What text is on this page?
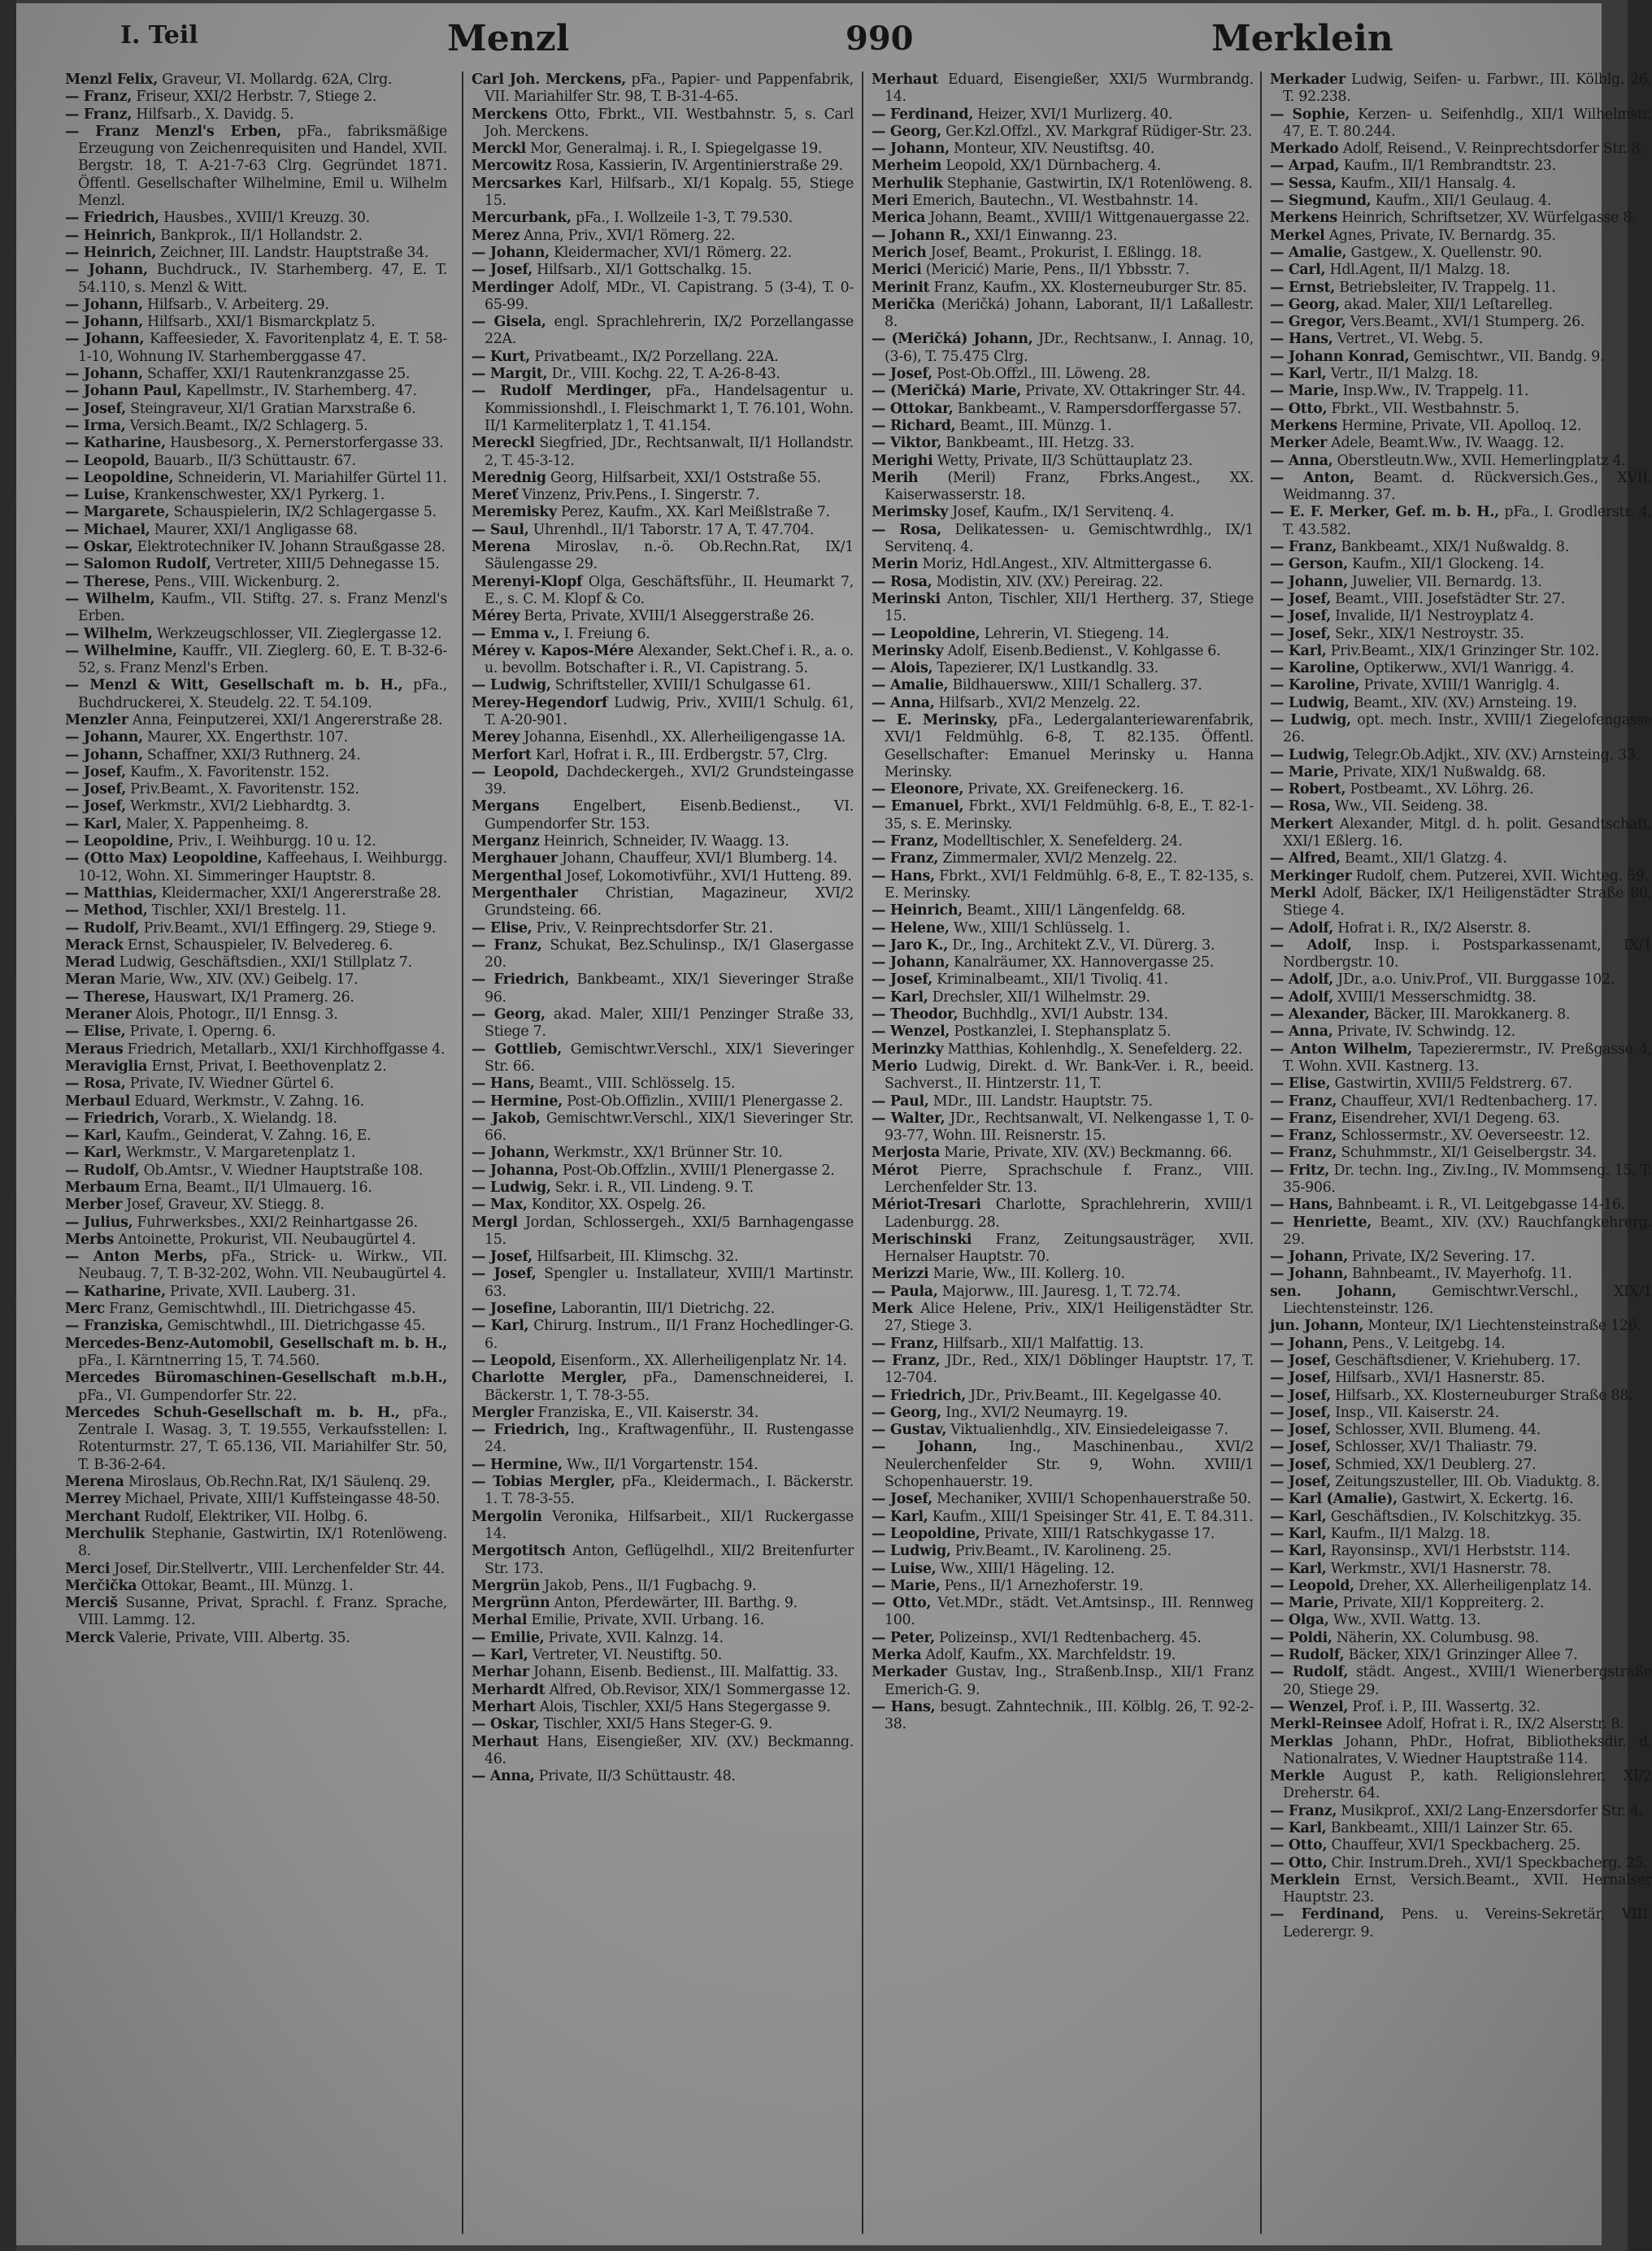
I. Teil	Menzl	990	Merklein

Menzl Felix, Graveur, VI. Mollardg. 62A, Clrg.

— Franz, Friseur, XXI/2 Herbstr. 7, Stiege 2.

— Franz, Hilfsarb., X. Davidg. 5.

— Franz Menzl's Erben, pFa., fabriksmäßige Erzeugung von Zeichenrequisiten und Handel, XVII. Bergstr. 18, T. A-21-7-63 Clrg. Gegründet 1871. Öffentl. Gesellschafter Wilhelmine, Emil u. Wilhelm Menzl.

— Friedrich, Hausbes., XVIII/1 Kreuzg. 30.

— Heinrich, Bankprok., II/1 Hollandstr. 2.

— Heinrich, Zeichner, III. Landstr. Hauptstraße 34.

— Johann, Buchdruck., IV. Starhemberg. 47, E. T. 54.110, s. Menzl & Witt.

— Johann, Hilfsarb., V. Arbeiterg. 29.

— Johann, Hilfsarb., XXI/1 Bismarckplatz 5.

— Johann, Kaffeesieder, X. Favoritenplatz 4, E. T. 58-1-10, Wohnung IV. Starhemberggasse 47.

— Johann, Schaffer, XXI/1 Rautenkranzgasse 25.

— Johann Paul, Kapellmstr., IV. Starhemberg. 47.

— Josef, Steingraveur, XI/1 Gratian Marxstraße 6.

— Irma, Versich.Beamt., IX/2 Schlagerg. 5.

— Katharine, Hausbesorg., X. Pernerstorfergasse 33.

— Leopold, Bauarb., II/3 Schüttaustr. 67.

— Leopoldine, Schneiderin, VI. Mariahilfer Gürtel 11.

— Luise, Krankenschwester, XX/1 Pyrkerg. 1.

— Margarete, Schauspielerin, IX/2 Schlagergasse 5.

— Michael, Maurer, XXI/1 Angligasse 68.

— Oskar, Elektrotechniker IV. Johann Straußgasse 28.

— Salomon Rudolf, Vertreter, XIII/5 Dehnegasse 15.

— Therese, Pens., VIII. Wickenburg. 2.

— Wilhelm, Kaufm., VII. Stiftg. 27. s. Franz Menzl's Erben.

— Wilhelm, Werkzeugschlosser, VII. Zieglergasse 12.

— Wilhelmine, Kauffr., VII. Zieglerg. 60, E. T. B-32-6-52, s. Franz Menzl's Erben.

— Menzl & Witt, Gesellschaft m. b. H., pFa., Buchdruckerei, X. Steudelg. 22. T. 54.109.

Menzler Anna, Feinputzerei, XXI/1 Angererstraße 28.

— Johann, Maurer, XX. Engerthstr. 107.

— Johann, Schaffner, XXI/3 Ruthnerg. 24.

— Josef, Kaufm., X. Favoritenstr. 152.

— Josef, Priv.Beamt., X. Favoritenstr. 152.

— Josef, Werkmstr., XVI/2 Liebhardtg. 3.

— Karl, Maler, X. Pappenheimg. 8.

— Leopoldine, Priv., I. Weihburgg. 10 u. 12.

— (Otto Max) Leopoldine, Kaffeehaus, I. Weihburgg. 10-12, Wohn. XI. Simmeringer Hauptstr. 8.

— Matthias, Kleidermacher, XXI/1 Angererstraße 28.

— Method, Tischler, XXI/1 Brestelg. 11.

— Rudolf, Priv.Beamt., XVI/1 Effingerg. 29, Stiege 9.

Merack Ernst, Schauspieler, IV. Belvedereg. 6.

Merad Ludwig, Geschäftsdien., XXI/1 Stillplatz 7.

Meran Marie, Ww., XIV. (XV.) Geibelg. 17.

— Therese, Hauswart, IX/1 Pramerg. 26.

Meraner Alois, Photogr., II/1 Ennsg. 3.

— Elise, Private, I. Operng. 6.

Meraus Friedrich, Metallarb., XXI/1 Kirchhoffgasse 4.

Meraviglia Ernst, Privat, I. Beethovenplatz 2.

— Rosa, Private, IV. Wiedner Gürtel 6.

Merbaul Eduard, Werkmstr., V. Zahng. 16.

— Friedrich, Vorarb., X. Wielandg. 18.

— Karl, Kaufm., Geinderat, V. Zahng. 16, E.

— Karl, Werkmstr., V. Margaretenplatz 1.

— Rudolf, Ob.Amtsr., V. Wiedner Hauptstraße 108.

Merbaum Erna, Beamt., II/1 Ulmauerg. 16.

Merber Josef, Graveur, XV. Stiegg. 8.

— Julius, Fuhrwerksbes., XXI/2 Reinhartgasse 26.

Merbs Antoinette, Prokurist, VII. Neubaugürtel 4.

— Anton Merbs, pFa., Strick- u. Wirkw., VII. Neubaug. 7, T. B-32-202, Wohn. VII. Neubaugürtel 4.

— Katharine, Private, XVII. Lauberg. 31.

Merc Franz, Gemischtwhdl., III. Dietrichgasse 45.

— Franziska, Gemischtwhdl., III. Dietrichgasse 45.

Mercedes-Benz-Automobil, Gesellschaft m. b. H., pFa., I. Kärntnerring 15, T. 74.560.

Mercedes Büromaschinen-Gesellschaft m.b.H., pFa., VI. Gumpendorfer Str. 22.

Mercedes Schuh-Gesellschaft m. b. H., pFa., Zentrale I. Wasag. 3, T. 19.555, Verkaufsstellen: I. Rotenturmstr. 27, T. 65.136, VII. Mariahilfer Str. 50, T. B-36-2-64.

Merena Miroslaus, Ob.Rechn.Rat, IX/1 Säulenq. 29.

Merrey Michael, Private, XIII/1 Kuffsteingasse 48-50.

Merchant Rudolf, Elektriker, VII. Holbg. 6.

Merchulik Stephanie, Gastwirtin, IX/1 Rotenlöweng. 8.

Merci Josef, Dir.Stellvertr., VIII. Lerchenfelder Str. 44.

Merčička Ottokar, Beamt., III. Münzg. 1.

Merciš Susanne, Privat, Sprachl. f. Franz. Sprache, VIII. Lammg. 12.

Merck Valerie, Private, VIII. Albertg. 35.

Carl Joh. Merckens, pFa., Papier- und Pappenfabrik, VII. Mariahilfer Str. 98, T. B-31-4-65.

Merckens Otto, Fbrkt., VII. Westbahnstr. 5, s. Carl Joh. Merckens.

Merckl Mor, Generalmaj. i. R., I. Spiegelgasse 19.

Mercowitz Rosa, Kassierin, IV. Argentinierstraße 29.

Mercsarkes Karl, Hilfsarb., XI/1 Kopalg. 55, Stiege 15.

Mercurbank, pFa., I. Wollzeile 1-3, T. 79.530.

Merez Anna, Priv., XVI/1 Römerg. 22.

— Johann, Kleidermacher, XVI/1 Römerg. 22.

— Josef, Hilfsarb., XI/1 Gottschalkg. 15.

Merdinger Adolf, MDr., VI. Capistrang. 5 (3-4), T. 0-65-99.

— Gisela, engl. Sprachlehrerin, IX/2 Porzellangasse 22A.

— Kurt, Privatbeamt., IX/2 Porzellang. 22A.

— Margit, Dr., VIII. Kochg. 22, T. A-26-8-43.

— Rudolf Merdinger, pFa., Handelsagentur u. Kommissionshdl., I. Fleischmarkt 1, T. 76.101, Wohn. II/1 Karmeliterplatz 1, T. 41.154.

Mereckl Siegfried, JDr., Rechtsanwalt, II/1 Hollandstr. 2, T. 45-3-12.

Merednig Georg, Hilfsarbeit, XXI/1 Oststraße 55.

Mereť Vinzenz, Priv.Pens., I. Singerstr. 7.

Meremisky Perez, Kaufm., XX. Karl Meißlstraße 7.

— Saul, Uhrenhdl., II/1 Taborstr. 17 A, T. 47.704.

Merena Miroslav, n.-ö. Ob.Rechn.Rat, IX/1 Säulengasse 29.

Merenyi-Klopf Olga, Geschäftsführ., II. Heumarkt 7, E., s. C. M. Klopf & Co.

Mérey Berta, Private, XVIII/1 Alseggerstraße 26.

— Emma v., I. Freiung 6.

Mérey v. Kapos-Mére Alexander, Sekt.Chef i. R., a. o. u. bevollm. Botschafter i. R., VI. Capistrang. 5.

— Ludwig, Schriftsteller, XVIII/1 Schulgasse 61.

Merey-Hegendorf Ludwig, Priv., XVIII/1 Schulg. 61, T. A-20-901.

Merey Johanna, Eisenhdl., XX. Allerheiligengasse 1A.

Merfort Karl, Hofrat i. R., III. Erdbergstr. 57, Clrg.

— Leopold, Dachdeckergeh., XVI/2 Grundsteingasse 39.

Mergans Engelbert, Eisenb.Bedienst., VI. Gumpendorfer Str. 153.

Merganz Heinrich, Schneider, IV. Waagg. 13.

Merghauer Johann, Chauffeur, XVI/1 Blumberg. 14.

Mergenthal Josef, Lokomotivführ., XVI/1 Hutteng. 89.

Mergenthaler Christian, Magazineur, XVI/2 Grundsteing. 66.

— Elise, Priv., V. Reinprechtsdorfer Str. 21.

— Franz, Schukat, Bez.Schulinsp., IX/1 Glasergasse 20.

— Friedrich, Bankbeamt., XIX/1 Sieveringer Straße 96.

— Georg, akad. Maler, XIII/1 Penzinger Straße 33, Stiege 7.

— Gottlieb, Gemischtwr.Verschl., XIX/1 Sieveringer Str. 66.

— Hans, Beamt., VIII. Schlösselg. 15.

— Hermine, Post-Ob.Offizlin., XVIII/1 Plenergasse 2.

— Jakob, Gemischtwr.Verschl., XIX/1 Sieveringer Str. 66.

— Johann, Werkmstr., XX/1 Brünner Str. 10.

— Johanna, Post-Ob.Offzlin., XVIII/1 Plenergasse 2.

— Ludwig, Sekr. i. R., VII. Lindeng. 9. T.

— Max, Konditor, XX. Ospelg. 26.

Mergl Jordan, Schlossergeh., XXI/5 Barnhagengasse 15.

— Josef, Hilfsarbeit, III. Klimschg. 32.

— Josef, Spengler u. Installateur, XVIII/1 Martinstr. 63.

— Josefine, Laborantin, III/1 Dietrichg. 22.

— Karl, Chirurg. Instrum., II/1 Franz Hochedlinger-G. 6.

— Leopold, Eisenform., XX. Allerheiligenplatz Nr. 14.

Charlotte Mergler, pFa., Damenschneiderei, I. Bäckerstr. 1, T. 78-3-55.

Mergler Franziska, E., VII. Kaiserstr. 34.

— Friedrich, Ing., Kraftwagenführ., II. Rustengasse 24.

— Hermine, Ww., II/1 Vorgartenstr. 154.

— Tobias Mergler, pFa., Kleidermach., I. Bäckerstr. 1. T. 78-3-55.

Mergolin Veronika, Hilfsarbeit., XII/1 Ruckergasse 14.

Mergotitsch Anton, Geflügelhdl., XII/2 Breitenfurter Str. 173.

Mergrün Jakob, Pens., II/1 Fugbachg. 9.

Mergrünn Anton, Pferdewärter, III. Barthg. 9.

Merhal Emilie, Private, XVII. Urbang. 16.

— Emilie, Private, XVII. Kalnzg. 14.

— Karl, Vertreter, VI. Neustiftg. 50.

Merhar Johann, Eisenb. Bedienst., III. Malfattig. 33.

Merhardt Alfred, Ob.Revisor, XIX/1 Sommergasse 12.

Merhart Alois, Tischler, XXI/5 Hans Stegergasse 9.

— Oskar, Tischler, XXI/5 Hans Steger-G. 9.

Merhaut Hans, Eisengießer, XIV. (XV.) Beckmanng. 46.

— Anna, Private, II/3 Schüttaustr. 48.

Merhaut Eduard, Eisengießer, XXI/5 Wurmbrandg. 14.

— Ferdinand, Heizer, XVI/1 Murlizerg. 40.

— Georg, Ger.Kzl.Offzl., XV. Markgraf Rüdiger-Str. 23.

— Johann, Monteur, XIV. Neustiftsg. 40.

Merheim Leopold, XX/1 Dürnbacherg. 4.

Merhulik Stephanie, Gastwirtin, IX/1 Rotenlöweng. 8.

Meri Emerich, Bautechn., VI. Westbahnstr. 14.

Merica Johann, Beamt., XVIII/1 Wittgenauergasse 22.

— Johann R., XXI/1 Einwanng. 23.

Merich Josef, Beamt., Prokurist, I. Eßlingg. 18.

Merici (Mericić) Marie, Pens., II/1 Ybbsstr. 7.

Merinit Franz, Kaufm., XX. Klosterneuburger Str. 85.

Merička (Meričká) Johann, Laborant, II/1 Laßallestr. 8.

— (Meričká) Johann, JDr., Rechtsanw., I. Annag. 10, (3-6), T. 75.475 Clrg.

— Josef, Post-Ob.Offzl., III. Löweng. 28.

— (Meričká) Marie, Private, XV. Ottakringer Str. 44.

— Ottokar, Bankbeamt., V. Rampersdorffergasse 57.

— Richard, Beamt., III. Münzg. 1.

— Viktor, Bankbeamt., III. Hetzg. 33.

Merighi Wetty, Private, II/3 Schüttauplatz 23.

Merih (Meril) Franz, Fbrks.Angest., XX. Kaiserwasserstr. 18.

Merimsky Josef, Kaufm., IX/1 Servitenq. 4.

— Rosa, Delikatessen- u. Gemischtwrdhlg., IX/1 Servitenq. 4.

Merin Moriz, Hdl.Angest., XIV. Altmittergasse 6.

— Rosa, Modistin, XIV. (XV.) Pereirag. 22.

Merinski Anton, Tischler, XII/1 Hertherg. 37, Stiege 15.

— Leopoldine, Lehrerin, VI. Stiegeng. 14.

Merinsky Adolf, Eisenb.Bedienst., V. Kohlgasse 6.

— Alois, Tapezierer, IX/1 Lustkandlg. 33.

— Amalie, Bildhauersww., XIII/1 Schallerg. 37.

— Anna, Hilfsarb., XVI/2 Menzelg. 22.

— E. Merinsky, pFa., Ledergalanteriewarenfabrik, XVI/1 Feldmühlg. 6-8, T. 82.135. Öffentl. Gesellschafter: Emanuel Merinsky u. Hanna Merinsky.

— Eleonore, Private, XX. Greifeneckerg. 16.

— Emanuel, Fbrkt., XVI/1 Feldmühlg. 6-8, E., T. 82-1-35, s. E. Merinsky.

— Franz, Modelltischler, X. Senefelderg. 24.

— Franz, Zimmermaler, XVI/2 Menzelg. 22.

— Hans, Fbrkt., XVI/1 Feldmühlg. 6-8, E., T. 82-135, s. E. Merinsky.

— Heinrich, Beamt., XIII/1 Längenfeldg. 68.

— Helene, Ww., XIII/1 Schlüsselg. 1.

— Jaro K., Dr., Ing., Architekt Z.V., VI. Dürerg. 3.

— Johann, Kanalräumer, XX. Hannovergasse 25.

— Josef, Kriminalbeamt., XII/1 Tivoliq. 41.

— Karl, Drechsler, XII/1 Wilhelmstr. 29.

— Theodor, Buchhdlg., XVI/1 Aubstr. 134.

— Wenzel, Postkanzlei, I. Stephansplatz 5.

Merinzky Matthias, Kohlenhdlg., X. Senefelderg. 22.

Merio Ludwig, Direkt. d. Wr. Bank-Ver. i. R., beeid. Sachverst., II. Hintzerstr. 11, T.

— Paul, MDr., III. Landstr. Hauptstr. 75.

— Walter, JDr., Rechtsanwalt, VI. Nelkengasse 1, T. 0-93-77, Wohn. III. Reisnerstr. 15.

Merjosta Marie, Private, XIV. (XV.) Beckmanng. 66.

Mérot Pierre, Sprachschule f. Franz., VIII. Lerchenfelder Str. 13.

Mériot-Tresari Charlotte, Sprachlehrerin, XVIII/1 Ladenburgg. 28.

Merischinski Franz, Zeitungsausträger, XVII. Hernalser Hauptstr. 70.

Merizzi Marie, Ww., III. Kollerg. 10.

— Paula, Majorww., III. Jauresg. 1, T. 72.74.

Merk Alice Helene, Priv., XIX/1 Heiligenstädter Str. 27, Stiege 3.

— Franz, Hilfsarb., XII/1 Malfattig. 13.

— Franz, JDr., Red., XIX/1 Döblinger Hauptstr. 17, T. 12-704.

— Friedrich, JDr., Priv.Beamt., III. Kegelgasse 40.

— Georg, Ing., XVI/2 Neumayrg. 19.

— Gustav, Viktualienhdlg., XIV. Einsiedeleigasse 7.

— Johann, Ing., Maschinenbau., XVI/2 Neulerchenfelder Str. 9, Wohn. XVIII/1 Schopenhauerstr. 19.

— Josef, Mechaniker, XVIII/1 Schopenhauerstraße 50.

— Karl, Kaufm., XIII/1 Speisinger Str. 41, E. T. 84.311.

— Leopoldine, Private, XIII/1 Ratschkygasse 17.

— Ludwig, Priv.Beamt., IV. Karolineng. 25.

— Luise, Ww., XIII/1 Hägeling. 12.

— Marie, Pens., II/1 Arnezhoferstr. 19.

— Otto, Vet.MDr., städt. Vet.Amtsinsp., III. Rennweg 100.

— Peter, Polizeinsp., XVI/1 Redtenbacherg. 45.

Merka Adolf, Kaufm., XX. Marchfeldstr. 19.

Merkader Gustav, Ing., Straßenb.Insp., XII/1 Franz Emerich-G. 9.

— Hans, besugt. Zahntechnik., III. Kölblg. 26, T. 92-2-38.

Merkader Ludwig, Seifen- u. Farbwr., III. Kölblg. 26, T. 92.238.

— Sophie, Kerzen- u. Seifenhdlg., XII/1 Wilhelmstr. 47, E. T. 80.244.

Merkado Adolf, Reisend., V. Reinprechtsdorfer Str. 8.

— Arpad, Kaufm., II/1 Rembrandtstr. 23.

— Sessa, Kaufm., XII/1 Hansalg. 4.

— Siegmund, Kaufm., XII/1 Geulaug. 4.

Merkens Heinrich, Schriftsetzer, XV. Würfelgasse 8.

Merkel Agnes, Private, IV. Bernardg. 35.

— Amalie, Gastgew., X. Quellenstr. 90.

— Carl, Hdl.Agent, II/1 Malzg. 18.

— Ernst, Betriebsleiter, IV. Trappelg. 11.

— Georg, akad. Maler, XII/1 Leſtarelleg.

— Gregor, Vers.Beamt., XVI/1 Stumperg. 26.

— Hans, Vertret., VI. Webg. 5.

— Johann Konrad, Gemischtwr., VII. Bandg. 9.

— Karl, Vertr., II/1 Malzg. 18.

— Marie, Insp.Ww., IV. Trappelg. 11.

— Otto, Fbrkt., VII. Westbahnstr. 5.

Merkens Hermine, Private, VII. Apolloq. 12.

Merker Adele, Beamt.Ww., IV. Waagg. 12.

— Anna, Oberstleutn.Ww., XVII. Hemerlingplatz 4.

— Anton, Beamt. d. Rückversich.Ges., XVII. Weidmanng. 37.

— E. F. Merker, Gef. m. b. H., pFa., I. Grodlerstr. 4, T. 43.582.

— Franz, Bankbeamt., XIX/1 Nußwaldg. 8.

— Gerson, Kaufm., XII/1 Glockeng. 14.

— Johann, Juwelier, VII. Bernardg. 13.

— Josef, Beamt., VIII. Josefstädter Str. 27.

— Josef, Invalide, II/1 Nestroyplatz 4.

— Josef, Sekr., XIX/1 Nestroystr. 35.

— Karl, Priv.Beamt., XIX/1 Grinzinger Str. 102.

— Karoline, Optikerww., XVI/1 Wanrigg. 4.

— Karoline, Private, XVIII/1 Wanriglg. 4.

— Ludwig, Beamt., XIV. (XV.) Arnsteing. 19.

— Ludwig, opt. mech. Instr., XVIII/1 Ziegelofengasse 26.

— Ludwig, Telegr.Ob.Adjkt., XIV. (XV.) Arnsteing. 33.

— Marie, Private, XIX/1 Nußwaldg. 68.

— Robert, Postbeamt., XV. Löhrg. 26.

— Rosa, Ww., VII. Seideng. 38.

Merkert Alexander, Mitgl. d. h. polit. Gesandtschaft, XXI/1 Eßlerg. 16.

— Alfred, Beamt., XII/1 Glatzg. 4.

Merkinger Rudolf, chem. Putzerei, XVII. Wichteg. 59.

Merkl Adolf, Bäcker, IX/1 Heiligenstädter Straße 80, Stiege 4.

— Adolf, Hofrat i. R., IX/2 Alserstr. 8.

— Adolf, Insp. i. Postsparkassenamt, IX/1 Nordbergstr. 10.

— Adolf, JDr., a.o. Univ.Prof., VII. Burggasse 102.

— Adolf, XVIII/1 Messerschmidtg. 38.

— Alexander, Bäcker, III. Marokkanerg. 8.

— Anna, Private, IV. Schwindg. 12.

— Anton Wilhelm, Tapezierermstr., IV. Preßgasse 4, T. Wohn. XVII. Kastnerg. 13.

— Elise, Gastwirtin, XVIII/5 Feldstrerg. 67.

— Franz, Chauffeur, XVI/1 Redtenbacherg. 17.

— Franz, Eisendreher, XVI/1 Degeng. 63.

— Franz, Schlossermstr., XV. Oeverseestr. 12.

— Franz, Schuhmmstr., XI/1 Geiselbergstr. 34.

— Fritz, Dr. techn. Ing., Ziv.Ing., IV. Mommseng. 15, T. 35-906.

— Hans, Bahnbeamt. i. R., VI. Leitgebgasse 14-16.

— Henriette, Beamt., XIV. (XV.) Rauchfangkehrerg. 29.

— Johann, Private, IX/2 Severing. 17.

— Johann, Bahnbeamt., IV. Mayerhofg. 11.

sen. Johann, Gemischtwr.Verschl., XIX/1 Liechtensteinstr. 126.

jun. Johann, Monteur, IX/1 Liechtensteinstraße 126.

— Johann, Pens., V. Leitgebg. 14.

— Josef, Geschäftsdiener, V. Kriehuberg. 17.

— Josef, Hilfsarb., XVI/1 Hasnerstr. 85.

— Josef, Hilfsarb., XX. Klosterneuburger Straße 88.

— Josef, Insp., VII. Kaiserstr. 24.

— Josef, Schlosser, XVII. Blumeng. 44.

— Josef, Schlosser, XV/1 Thaliastr. 79.

— Josef, Schmied, XX/1 Deublerg. 27.

— Josef, Zeitungszusteller, III. Ob. Viaduktg. 8.

— Karl (Amalie), Gastwirt, X. Eckertg. 16.

— Karl, Geschäftsdien., IV. Kolschitzkyg. 35.

— Karl, Kaufm., II/1 Malzg. 18.

— Karl, Rayonsinsp., XVI/1 Herbststr. 114.

— Karl, Werkmstr., XVI/1 Hasnerstr. 78.

— Leopold, Dreher, XX. Allerheiligenplatz 14.

— Marie, Private, XII/1 Koppreiterg. 2.

— Olga, Ww., XVII. Wattg. 13.

— Poldi, Näherin, XX. Columbusg. 98.

— Rudolf, Bäcker, XIX/1 Grinzinger Allee 7.

— Rudolf, städt. Angest., XVIII/1 Wienerbergstraße 20, Stiege 29.

— Wenzel, Prof. i. P., III. Wassertg. 32.

Merkl-Reinsee Adolf, Hofrat i. R., IX/2 Alserstr. 8.

Merklas Johann, PhDr., Hofrat, Bibliotheksdir. d. Nationalrates, V. Wiedner Hauptstraße 114.

Merkle August P., kath. Religionslehrer, XI/2 Dreherstr. 64.

— Franz, Musikprof., XXI/2 Lang-Enzersdorfer Str. 4.

— Karl, Bankbeamt., XIII/1 Lainzer Str. 65.

— Otto, Chauffeur, XVI/1 Speckbacherg. 25.

— Otto, Chir. Instrum.Dreh., XVI/1 Speckbacherg. 25.

Merklein Ernst, Versich.Beamt., XVII. Hernalser Hauptstr. 23.

— Ferdinand, Pens. u. Vereins-Sekretär, VIII. Lederergr. 9.
